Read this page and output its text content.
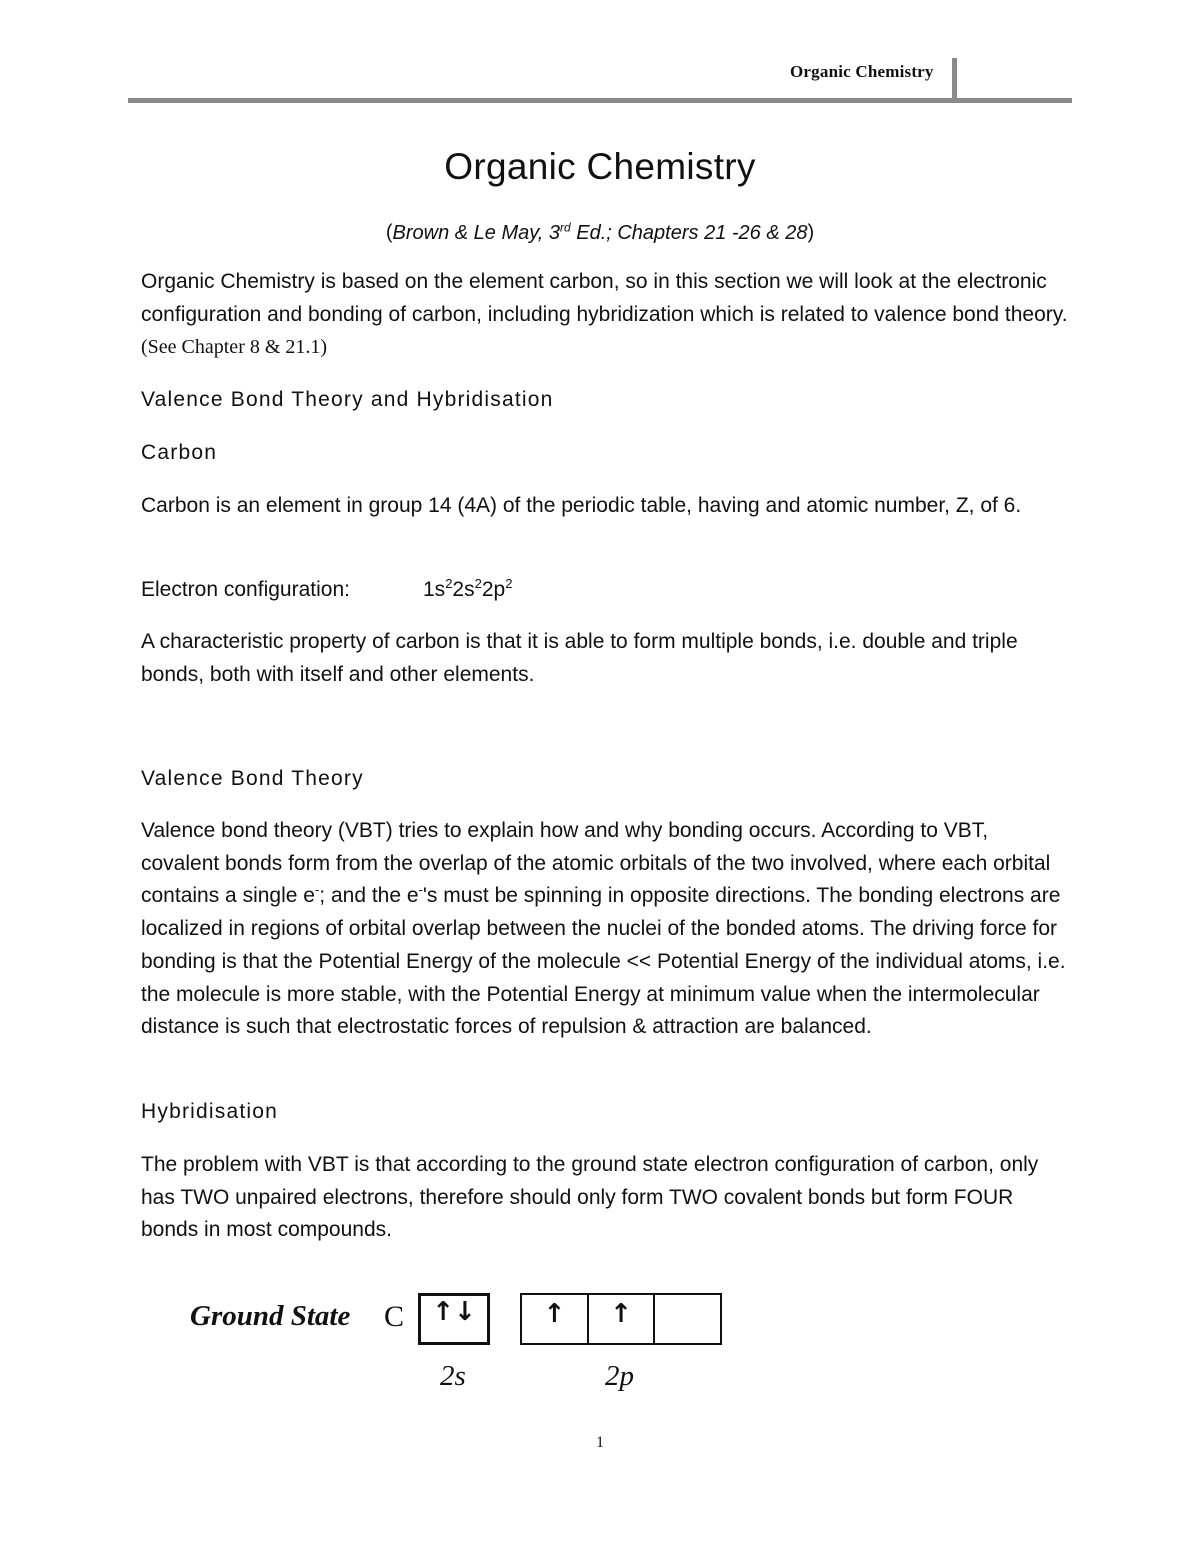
Organic Chemistry
Organic Chemistry
(Brown & Le May, 3rd Ed.; Chapters 21 -26 & 28)

Organic Chemistry is based on the element carbon, so in this section we will look at the electronic configuration and bonding of carbon, including hybridization which is related to valence bond theory. (See Chapter 8 & 21.1)

Valence Bond Theory and Hybridisation
Carbon

Carbon is an element in group 14 (4A) of the periodic table, having and atomic number, Z, of 6.

Electron configuration:	$1s^22s^22p^2$

A characteristic property of carbon is that it is able to form multiple bonds, i.e. double and triple bonds, both with itself and other elements.

Valence Bond Theory

Valence bond theory (VBT) tries to explain how and why bonding occurs. According to VBT, covalent bonds form from the overlap of the atomic orbitals of the two involved, where each orbital contains a single e-; and the e-'s must be spinning in opposite directions. The bonding electrons are localized in regions of orbital overlap between the nuclei of the bonded atoms. The driving force for bonding is that the Potential Energy of the molecule << Potential Energy of the individual atoms, i.e. the molecule is more stable, with the Potential Energy at minimum value when the intermolecular distance is such that electrostatic forces of repulsion & attraction are balanced.

Hybridisation

The problem with VBT is that according to the ground state electron configuration of carbon, only has TWO unpaired electrons, therefore should only form TWO covalent bonds but form FOUR bonds in most compounds.

Ground State C	↑↓	↑	↑
2s	2p
1
